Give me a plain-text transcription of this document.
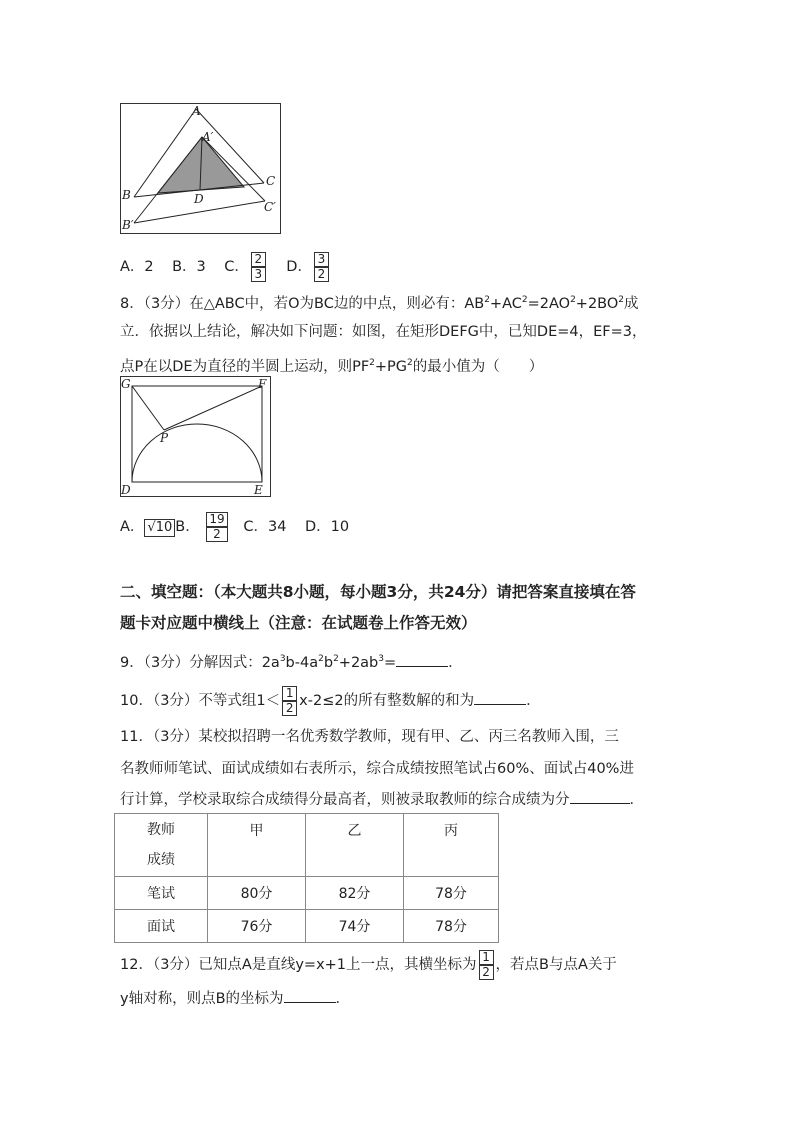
A
A′
B
C
D
B′
C′
A．2 B．3 C． $\frac{2}{3}$ D． $\frac{3}{2}$
8．（3分）在△ABC中，若O为BC边的中点，则必有：$AB^2+AC^2=2AO^2+2BO^2$成
立．依据以上结论，解决如下问题：如图，在矩形DEFG中，已知DE=4，EF=3，
点P在以DE为直径的半圆上运动，则$PF^2+PG^2$的最小值为（　　）
G	F
P
D	E
A． √10 B． $\frac{19}{2}$ C．34 D．10
二、填空题：（本大题共8小题，每小题3分，共24分）请把答案直接填在答
题卡对应题中横线上（注意：在试题卷上作答无效）
9．（3分）分解因式：$2a^3b-4a^2b^2+2ab^3=$	．
10．（3分）不等式组$1< \frac{1}{2} x-2\le 2$的所有整数解的和为	．
11．（3分）某校拟招聘一名优秀数学教师，现有甲、乙、丙三名教师入围，三
名教师师笔试、面试成绩如右表所示，综合成绩按照笔试占60%、面试占40%进
行计算，学校录取综合成绩得分最高者，则被录取教师的综合成绩为分	．
教师
成绩	甲	乙	丙
笔试	80分	82分	78分
面试	76分	74分	78分
12．（3分）已知点A是直线y=x+1上一点，其横坐标为 $\frac{1}{2}$ ，若点B与点A关于
y轴对称，则点B的坐标为	．
